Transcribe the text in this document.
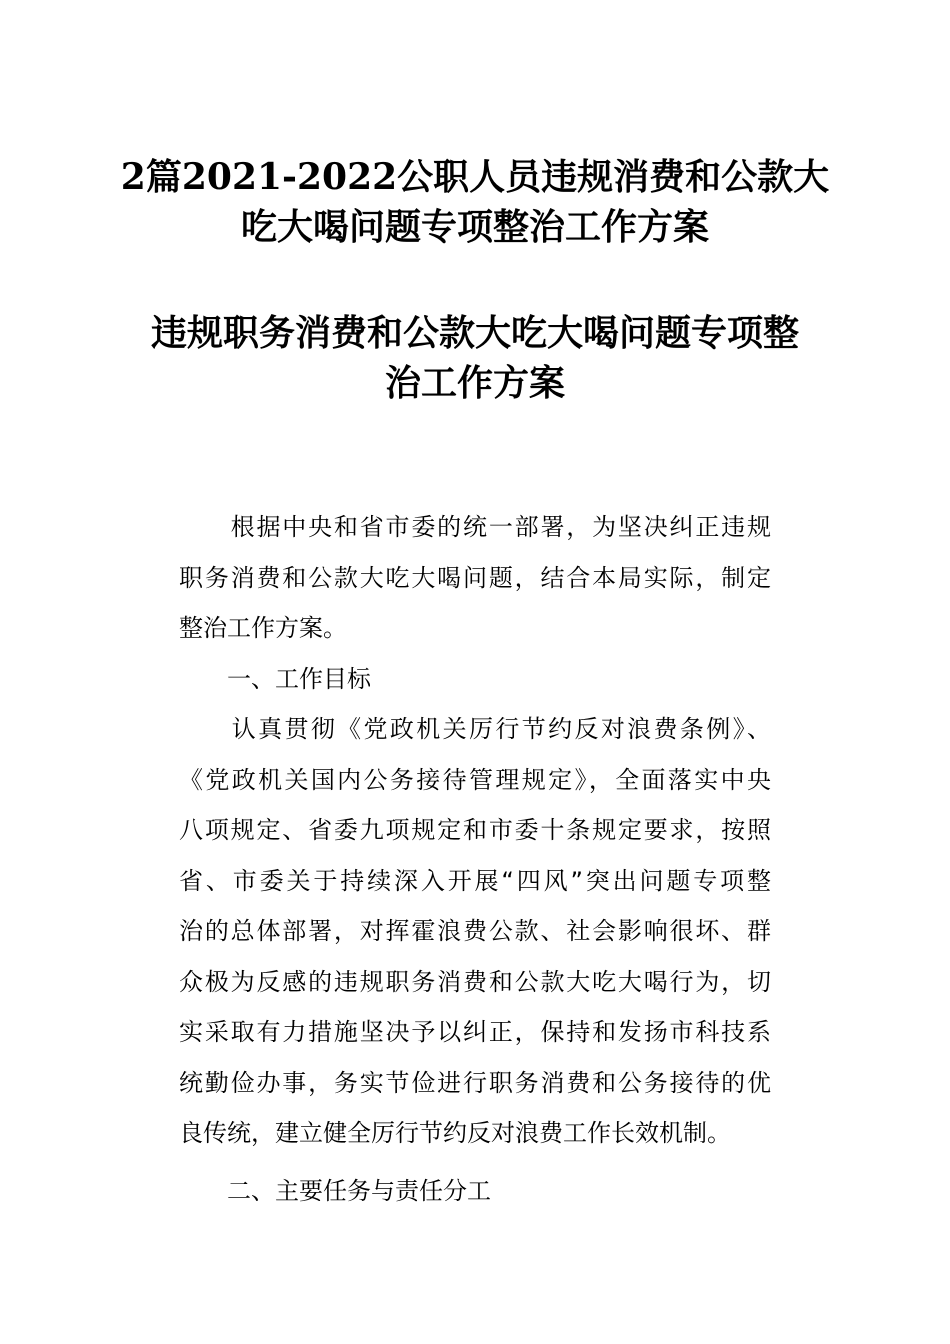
2篇2021-2022公职人员违规消费和公款大
吃大喝问题专项整治工作方案
违规职务消费和公款大吃大喝问题专项整
治工作方案
　　根据中央和省市委的统一部署，为坚决纠正违规
职务消费和公款大吃大喝问题，结合本局实际，制定
整治工作方案。
　　一、工作目标
　　认真贯彻《党政机关厉行节约反对浪费条例》、
《党政机关国内公务接待管理规定》，全面落实中央
八项规定、省委九项规定和市委十条规定要求，按照
省、市委关于持续深入开展“四风”突出问题专项整
治的总体部署，对挥霍浪费公款、社会影响很坏、群
众极为反感的违规职务消费和公款大吃大喝行为，切
实采取有力措施坚决予以纠正，保持和发扬市科技系
统勤俭办事，务实节俭进行职务消费和公务接待的优
良传统，建立健全厉行节约反对浪费工作长效机制。
　　二、主要任务与责任分工
